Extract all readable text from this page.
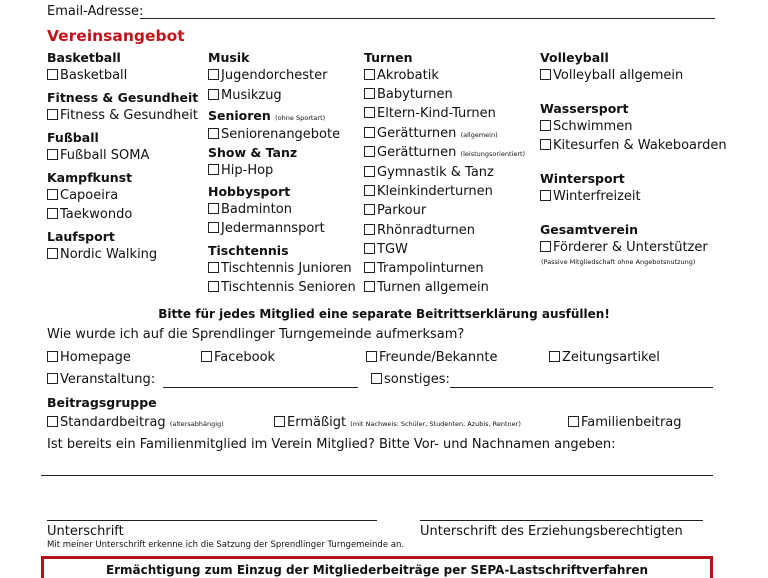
Email-Adresse:
Vereinsangebot
Basketball
Basketball
Fitness & Gesundheit
Fitness & Gesundheit
Fußball
Fußball SOMA
Kampfkunst
Capoeira
Taekwondo
Laufsport
Nordic Walking
Musik
Jugendorchester
Musikzug
Senioren (ohne Sportart)
Seniorenangebote
Show & Tanz
Hip-Hop
Hobbysport
Badminton
Jedermannsport
Tischtennis
Tischtennis Junioren
Tischtennis Senioren
Turnen
Akrobatik
Babyturnen
Eltern-Kind-Turnen
Gerätturnen (allgemein)
Gerätturnen (leistungsorientiert)
Gymnastik & Tanz
Kleinkinderturnen
Parkour
Rhönradturnen
TGW
Trampolinturnen
Turnen allgemein
Volleyball
Volleyball allgemein
Wassersport
Schwimmen
Kitesurfen & Wakeboarden
Wintersport
Winterfreizeit
Gesamtverein
Förderer & Unterstützer
(Passive Mitgliedschaft ohne Angebotsnutzung)
Bitte für jedes Mitglied eine separate Beitrittserklärung ausfüllen!
Wie wurde ich auf die Sprendlinger Turngemeinde aufmerksam?
Homepage	Facebook	Freunde/Bekannte	Zeitungsartikel
Veranstaltung:	sonstiges:
Beitragsgruppe
Standardbeitrag (altersabhängig)	Ermäßigt (mit Nachweis: Schüler, Studenten, Azubis, Rentner)	Familienbeitrag
Ist bereits ein Familienmitglied im Verein Mitglied? Bitte Vor- und Nachnamen angeben:
Unterschrift	Unterschrift des Erziehungsberechtigten
Mit meiner Unterschrift erkenne ich die Satzung der Sprendlinger Turngemeinde an.
Ermächtigung zum Einzug der Mitgliederbeiträge per SEPA-Lastschriftverfahren
